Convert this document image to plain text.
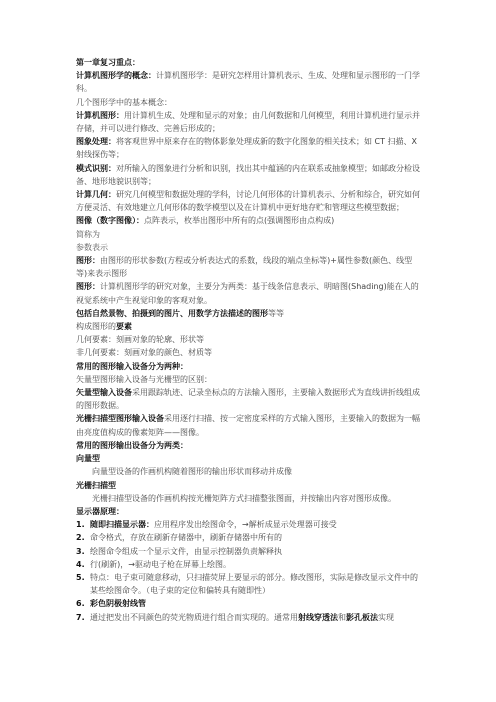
第一章复习重点：

计算机图形学的概念：计算机图形学：是研究怎样用计算机表示、生成、处理和显示图形的一门学科。

几个图形学中的基本概念：

计算机图形：用计算机生成、处理和显示的对象；由几何数据和几何模型，利用计算机进行显示并存储，并可以进行修改、完善后形成的；

图象处理：将客观世界中原来存在的物体影象处理成新的数字化图象的相关技术；如 CT 扫描、X 射线探伤等；

模式识别：对所输入的图象进行分析和识别，找出其中蕴涵的内在联系或抽象模型；如邮政分检设备、地形地貌识别等；

计算几何：研究几何模型和数据处理的学科，讨论几何形体的计算机表示、分析和综合，研究如何方便灵活、有效地建立几何形体的数学模型以及在计算机中更好地存贮和管理这些模型数据；

图像（数字图像）：点阵表示，枚举出图形中所有的点(强调图形由点构成)

简称为

参数表示

图形：由图形的形状参数(方程或分析表达式的系数，线段的端点坐标等)+属性参数(颜色、线型等)来表示图形

图形：计算机图形学的研究对象，主要分为两类：基于线条信息表示、明暗图(Shading)能在人的视觉系统中产生视觉印象的客观对象。

包括自然景物、拍摄到的图片、用数学方法描述的图形等等

构成图形的要素

几何要素：刻画对象的轮廓、形状等

非几何要素：刻画对象的颜色、材质等

常用的图形输入设备分为两种：

矢量型图形输入设备与光栅型的区别：

矢量型输入设备采用跟踪轨迹、记录坐标点的方法输入图形，主要输入数据形式为直线讲折线组成的图形数据。

光栅扫描型图形输入设备采用逐行扫描、按一定密度采样的方式输入图形，主要输入的数据为一幅由亮度值构成的像素矩阵——图像。

常用的图形输出设备分为两类：

向量型

向量型设备的作画机构随着图形的输出形状而移动并成像

光栅扫描型

光栅扫描型设备的作画机构按光栅矩阵方式扫描整张图面，并按输出内容对图形成像。

显示器原理：

1. 随即扫描显示器：应用程序发出绘图命令，→解析成显示处理器可接受

2. 命令格式，存放在刷新存储器中，刷新存储器中所有的

3. 绘图命令组成一个显示文件，由显示控制器负责解释执

4. 行(刷新)，→驱动电子枪在屏幕上绘图。

5. 特点：电子束可随意移动，只扫描荧屏上要显示的部分。修改图形，实际是修改显示文件中的某些绘图命令。（电子束的定位和偏转具有随即性）

6. 彩色阴极射线管

7. 通过把发出不同颜色的荧光物质进行组合而实现的。通常用射线穿透法和影孔板法实现
